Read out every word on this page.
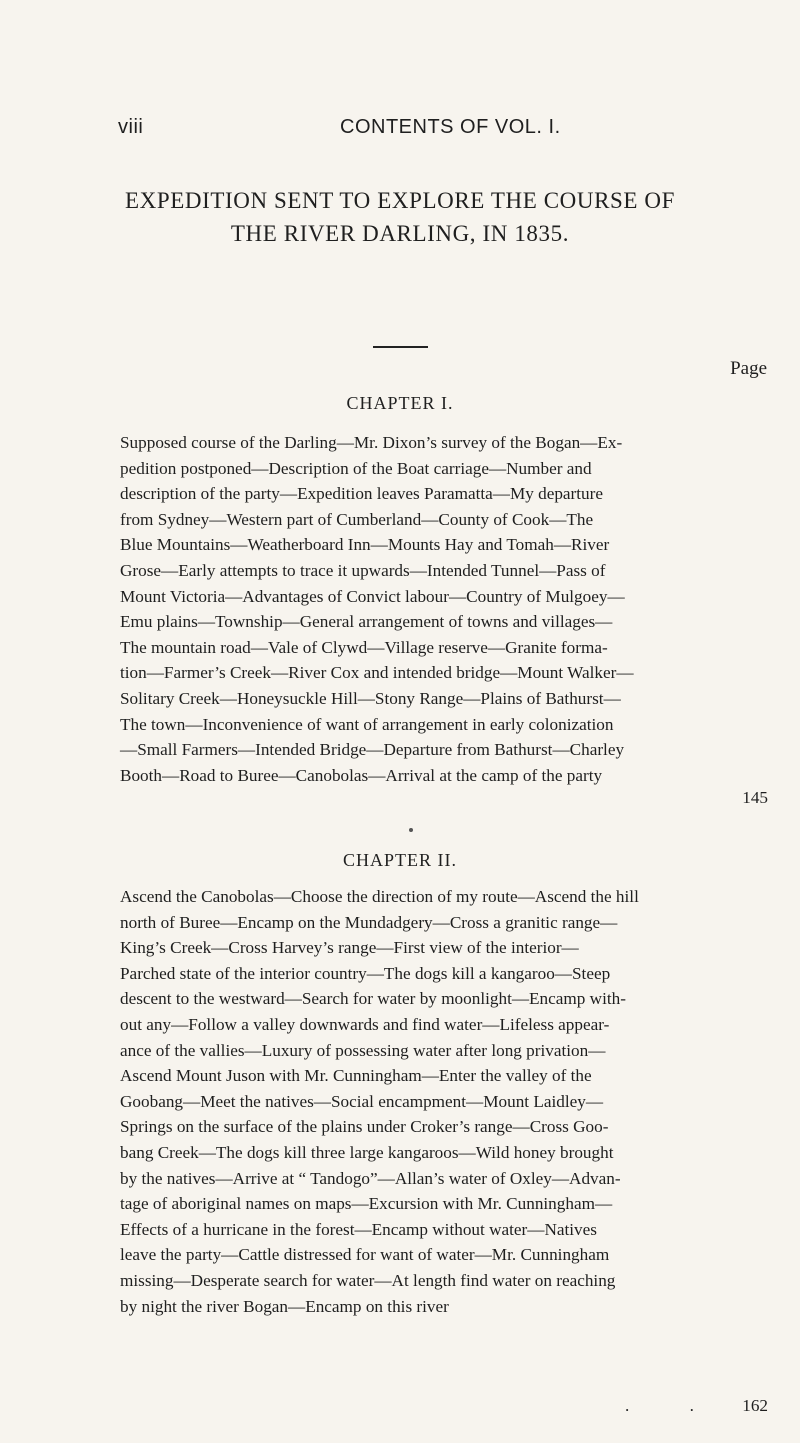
viii	CONTENTS OF VOL. I.
EXPEDITION SENT TO EXPLORE THE COURSE OF THE RIVER DARLING, IN 1835.
Page
CHAPTER I.
Supposed course of the Darling—Mr. Dixon’s survey of the Bogan—Ex-
pedition postponed—Description of the Boat carriage—Number and
description of the party—Expedition leaves Paramatta—My departure
from Sydney—Western part of Cumberland—County of Cook—The
Blue Mountains—Weatherboard Inn—Mounts Hay and Tomah—River
Grose—Early attempts to trace it upwards—Intended Tunnel—Pass of
Mount Victoria—Advantages of Convict labour—Country of Mulgoey—
Emu plains—Township—General arrangement of towns and villages—
The mountain road—Vale of Clywd—Village reserve—Granite forma-
tion—Farmer’s Creek—River Cox and intended bridge—Mount Walker—
Solitary Creek—Honeysuckle Hill—Stony Range—Plains of Bathurst—
The town—Inconvenience of want of arrangement in early colonization
—Small Farmers—Intended Bridge—Departure from Bathurst—Charley
Booth—Road to Buree—Canobolas—Arrival at the camp of the party
145
CHAPTER II.
Ascend the Canobolas—Choose the direction of my route—Ascend the hill
north of Buree—Encamp on the Mundadgery—Cross a granitic range—
King’s Creek—Cross Harvey’s range—First view of the interior—
Parched state of the interior country—The dogs kill a kangaroo—Steep
descent to the westward—Search for water by moonlight—Encamp with-
out any—Follow a valley downwards and find water—Lifeless appear-
ance of the vallies—Luxury of possessing water after long privation—
Ascend Mount Juson with Mr. Cunningham—Enter the valley of the
Goobang—Meet the natives—Social encampment—Mount Laidley—
Springs on the surface of the plains under Croker’s range—Cross Goo-
bang Creek—The dogs kill three large kangaroos—Wild honey brought
by the natives—Arrive at “ Tandogo”—Allan’s water of Oxley—Advan-
tage of aboriginal names on maps—Excursion with Mr. Cunningham—
Effects of a hurricane in the forest—Encamp without water—Natives
leave the party—Cattle distressed for want of water—Mr. Cunningham
missing—Desperate search for water—At length find water on reaching
by night the river Bogan—Encamp on this river
. . 162
